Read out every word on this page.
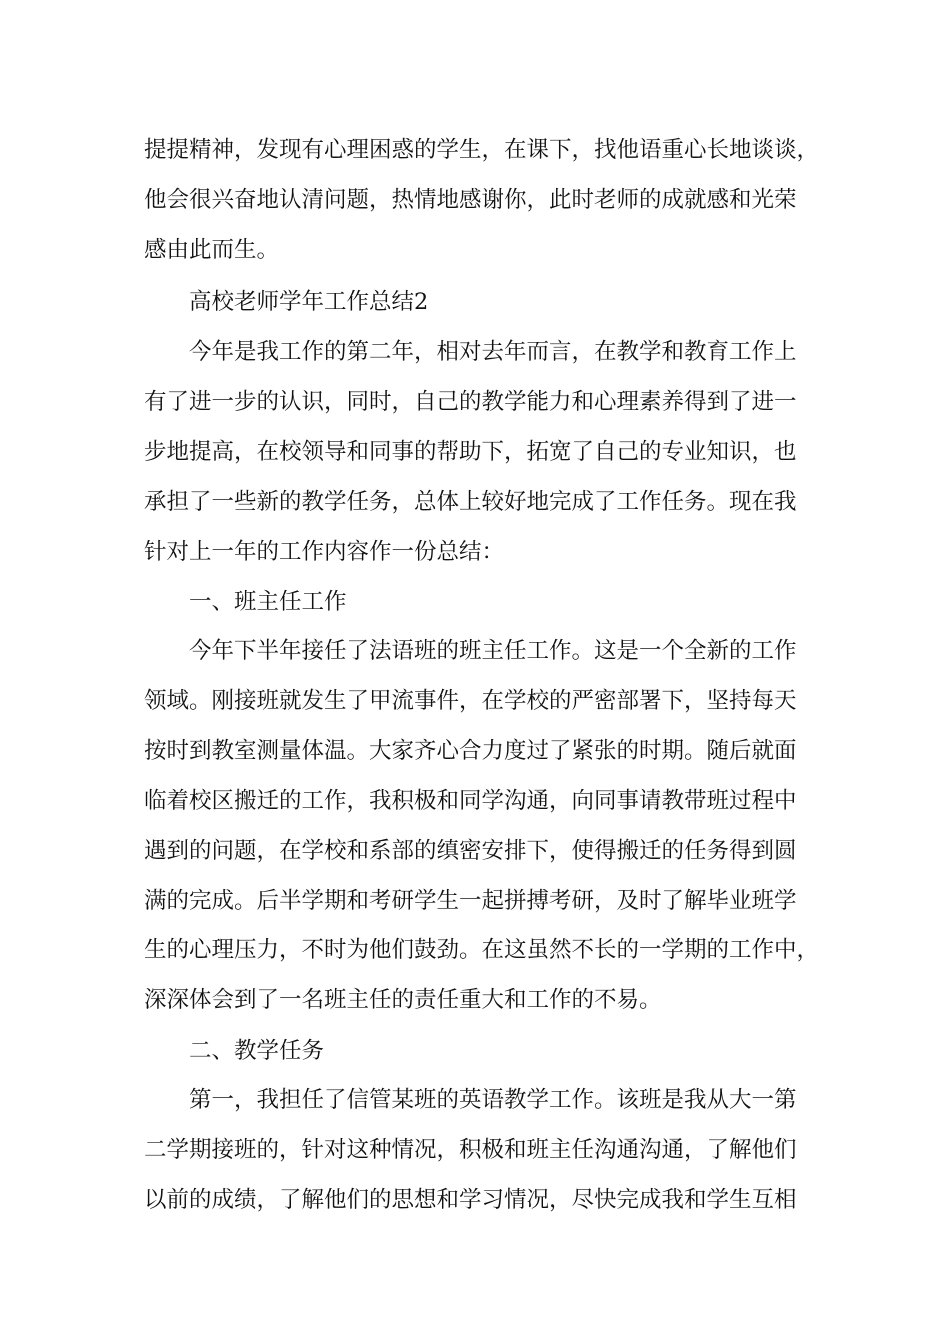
提提精神，发现有心理困惑的学生，在课下，找他语重心长地谈谈，
他会很兴奋地认清问题，热情地感谢你，此时老师的成就感和光荣
感由此而生。
高校老师学年工作总结2
今年是我工作的第二年，相对去年而言，在教学和教育工作上
有了进一步的认识，同时，自己的教学能力和心理素养得到了进一
步地提高，在校领导和同事的帮助下，拓宽了自己的专业知识，也
承担了一些新的教学任务，总体上较好地完成了工作任务。现在我
针对上一年的工作内容作一份总结：
一、班主任工作
今年下半年接任了法语班的班主任工作。这是一个全新的工作
领域。刚接班就发生了甲流事件，在学校的严密部署下，坚持每天
按时到教室测量体温。大家齐心合力度过了紧张的时期。随后就面
临着校区搬迁的工作，我积极和同学沟通，向同事请教带班过程中
遇到的问题，在学校和系部的缜密安排下，使得搬迁的任务得到圆
满的完成。后半学期和考研学生一起拼搏考研，及时了解毕业班学
生的心理压力，不时为他们鼓劲。在这虽然不长的一学期的工作中，
深深体会到了一名班主任的责任重大和工作的不易。
二、教学任务
第一，我担任了信管某班的英语教学工作。该班是我从大一第
二学期接班的，针对这种情况，积极和班主任沟通沟通，了解他们
以前的成绩，了解他们的思想和学习情况，尽快完成我和学生互相
